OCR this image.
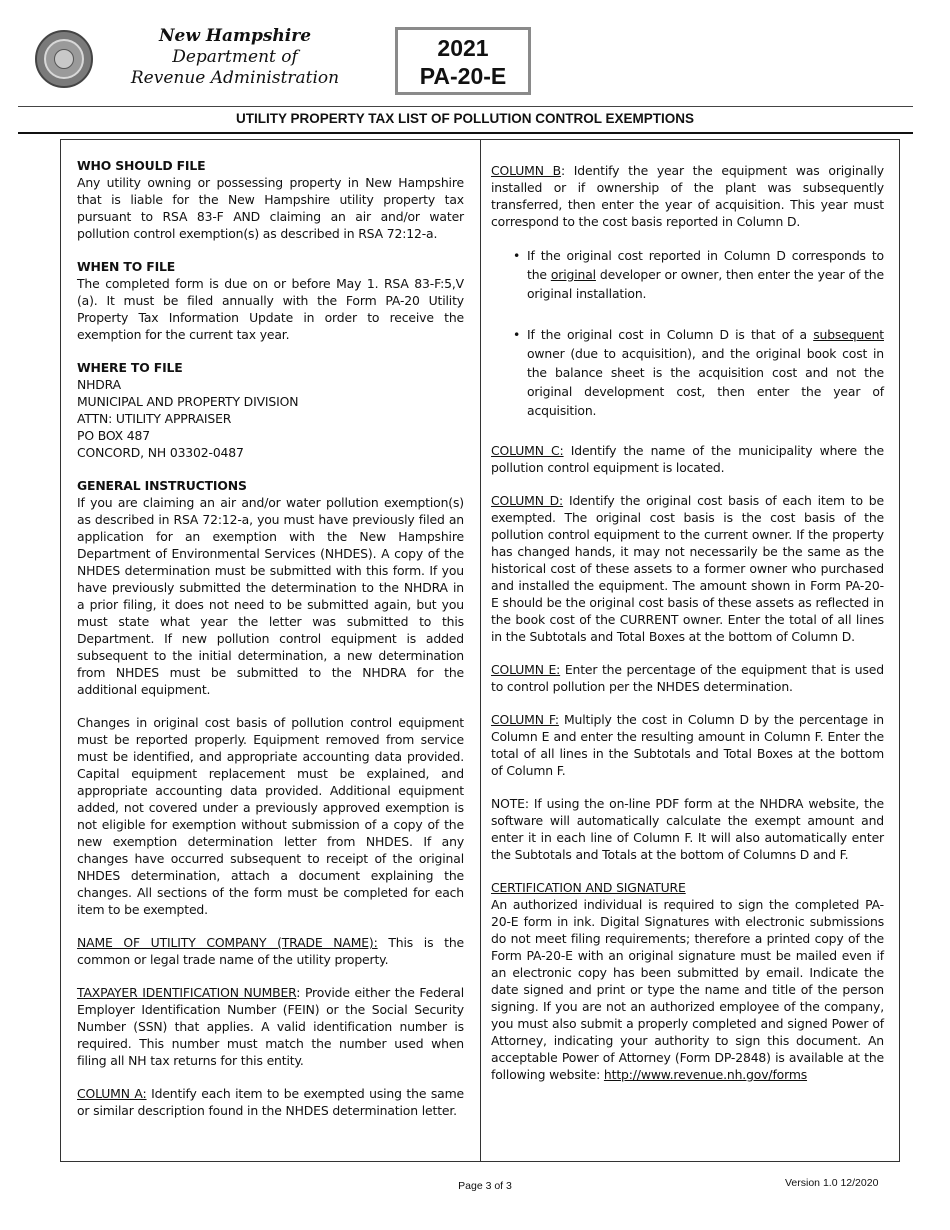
New Hampshire
Department of
Revenue Administration
2021
PA-20-E
UTILITY PROPERTY TAX LIST OF POLLUTION CONTROL EXEMPTIONS
WHO SHOULD FILE

Any utility owning or possessing property in New Hampshire that is liable for the New Hampshire utility property tax pursuant to RSA 83-F AND claiming an air and/or water pollution control exemption(s) as described in RSA 72:12-a.

WHEN TO FILE

The completed form is due on or before May 1. RSA 83-F:5,V (a). It must be filed annually with the Form PA-20 Utility Property Tax Information Update in order to receive the exemption for the current tax year.

WHERE TO FILE
NHDRA
MUNICIPAL AND PROPERTY DIVISION
ATTN: UTILITY APPRAISER
PO BOX 487
CONCORD, NH 03302-0487
GENERAL INSTRUCTIONS

If you are claiming an air and/or water pollution exemption(s) as described in RSA 72:12-a, you must have previously filed an application for an exemption with the New Hampshire Department of Environmental Services (NHDES). A copy of the NHDES determination must be submitted with this form. If you have previously submitted the determination to the NHDRA in a prior filing, it does not need to be submitted again, but you must state what year the letter was submitted to this Department. If new pollution control equipment is added subsequent to the initial determination, a new determination from NHDES must be submitted to the NHDRA for the additional equipment.

Changes in original cost basis of pollution control equipment must be reported properly. Equipment removed from service must be identified, and appropriate accounting data provided. Capital equipment replacement must be explained, and appropriate accounting data provided. Additional equipment added, not covered under a previously approved exemption is not eligible for exemption without submission of a copy of the new exemption determination letter from NHDES. If any changes have occurred subsequent to receipt of the original NHDES determination, attach a document explaining the changes. All sections of the form must be completed for each item to be exempted.

NAME OF UTILITY COMPANY (TRADE NAME): This is the common or legal trade name of the utility property.

TAXPAYER IDENTIFICATION NUMBER: Provide either the Federal Employer Identification Number (FEIN) or the Social Security Number (SSN) that applies. A valid identification number is required. This number must match the number used when filing all NH tax returns for this entity.

COLUMN A: Identify each item to be exempted using the same or similar description found in the NHDES determination letter.

COLUMN B: Identify the year the equipment was originally installed or if ownership of the plant was subsequently transferred, then enter the year of acquisition. This year must correspond to the cost basis reported in Column D.

• If the original cost reported in Column D corresponds to the original developer or owner, then enter the year of the original installation.
• If the original cost in Column D is that of a subsequent owner (due to acquisition), and the original book cost in the balance sheet is the acquisition cost and not the original development cost, then enter the year of acquisition.

COLUMN C: Identify the name of the municipality where the pollution control equipment is located.

COLUMN D: Identify the original cost basis of each item to be exempted. The original cost basis is the cost basis of the pollution control equipment to the current owner. If the property has changed hands, it may not necessarily be the same as the historical cost of these assets to a former owner who purchased and installed the equipment. The amount shown in Form PA-20-E should be the original cost basis of these assets as reflected in the book cost of the CURRENT owner. Enter the total of all lines in the Subtotals and Total Boxes at the bottom of Column D.

COLUMN E: Enter the percentage of the equipment that is used to control pollution per the NHDES determination.

COLUMN F: Multiply the cost in Column D by the percentage in Column E and enter the resulting amount in Column F. Enter the total of all lines in the Subtotals and Total Boxes at the bottom of Column F.

NOTE: If using the on-line PDF form at the NHDRA website, the software will automatically calculate the exempt amount and enter it in each line of Column F. It will also automatically enter the Subtotals and Totals at the bottom of Columns D and F.

CERTIFICATION AND SIGNATURE
An authorized individual is required to sign the completed PA-20-E form in ink. Digital Signatures with electronic submissions do not meet filing requirements; therefore a printed copy of the Form PA-20-E with an original signature must be mailed even if an electronic copy has been submitted by email. Indicate the date signed and print or type the name and title of the person signing. If you are not an authorized employee of the company, you must also submit a properly completed and signed Power of Attorney, indicating your authority to sign this document. An acceptable Power of Attorney (Form DP-2848) is available at the following website: http://www.revenue.nh.gov/forms
Page 3 of 3	Version 1.0 12/2020
